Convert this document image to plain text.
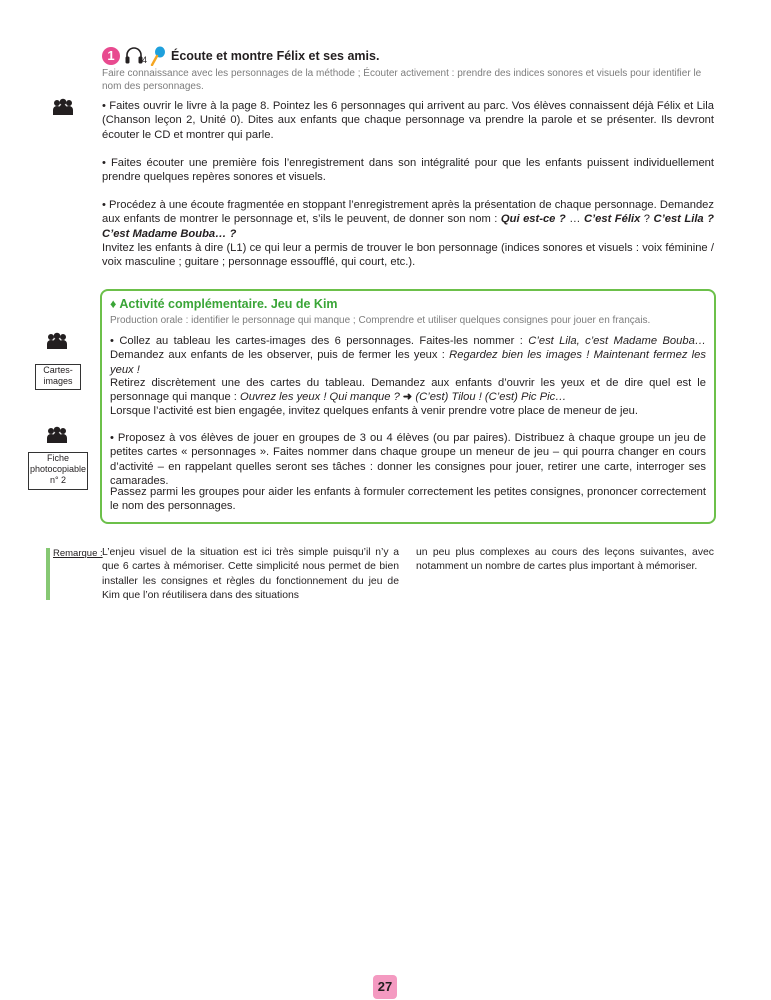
1	4 Écoute et montre Félix et ses amis.
Faire connaissance avec les personnages de la méthode ; Écouter activement : prendre des indices sonores et visuels pour identifier le nom des personnages.
• Faites ouvrir le livre à la page 8. Pointez les 6 personnages qui arrivent au parc. Vos élèves connaissent déjà Félix et Lila (Chanson leçon 2, Unité 0). Dites aux enfants que chaque personnage va prendre la parole et se présenter. Ils devront écouter le CD et montrer qui parle.
• Faites écouter une première fois l’enregistrement dans son intégralité pour que les enfants puissent individuellement prendre quelques repères sonores et visuels.
• Procédez à une écoute fragmentée en stoppant l’enregistrement après la présentation de chaque personnage. Demandez aux enfants de montrer le personnage et, s’ils le peuvent, de donner son nom : Qui est-ce ? … C’est Félix ? C’est Lila ? C’est Madame Bouba… ?
Invitez les enfants à dire (L1) ce qui leur a permis de trouver le bon personnage (indices sonores et visuels : voix féminine / voix masculine ; guitare ; personnage essoufflé, qui court, etc.).
♦ Activité complémentaire. Jeu de Kim
Production orale : identifier le personnage qui manque ; Comprendre et utiliser quelques consignes pour jouer en français.
• Collez au tableau les cartes-images des 6 personnages. Faites-les nommer : C’est Lila, c’est Madame Bouba… Demandez aux enfants de les observer, puis de fermer les yeux : Regardez bien les images ! Maintenant fermez les yeux !
Retirez discrètement une des cartes du tableau. Demandez aux enfants d’ouvrir les yeux et de dire quel est le personnage qui manque : Ouvrez les yeux ! Qui manque ? ➜ (C’est) Tilou ! (C’est) Pic Pic…
Lorsque l’activité est bien engagée, invitez quelques enfants à venir prendre votre place de meneur de jeu.
• Proposez à vos élèves de jouer en groupes de 3 ou 4 élèves (ou par paires). Distribuez à chaque groupe un jeu de petites cartes « personnages ». Faites nommer dans chaque groupe un meneur de jeu – qui pourra changer en cours d’activité – en rappelant quelles seront ses tâches : donner les consignes pour jouer, retirer une carte, interroger ses camarades.
Passez parmi les groupes pour aider les enfants à formuler correctement les petites consignes, prononcer correctement le nom des personnages.
Cartes-
images
Fiche
photocopiable
n° 2
Remarque : L’enjeu visuel de la situation est ici très simple puisqu’il n’y a que 6 cartes à mémoriser. Cette simplicité nous permet de bien installer les consignes et règles du fonctionnement du jeu de Kim que l’on réutilisera dans des situations
un peu plus complexes au cours des leçons suivantes, avec notamment un nombre de cartes plus important à mémoriser.
27
